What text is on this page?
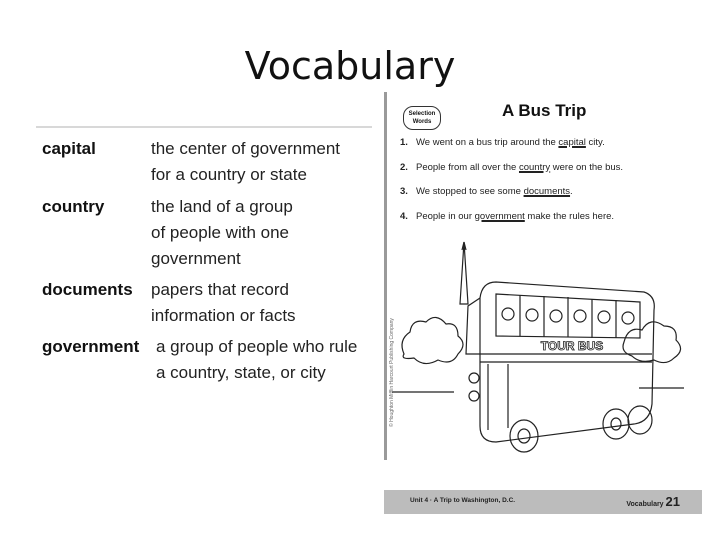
Vocabulary
capital	the center of government
for a country or state
country	the land of a group
of people with one
government
documents papers that record
information or facts
government a group of people who rule
a country, state, or city
Selection
Words
A Bus Trip
1. We went on a bus trip around the capital city.
2. People from all over the country were on the bus.
3. We stopped to see some documents.
4. People in our government make the rules here.
TOUR BUS
© Houghton Mifflin Harcourt Publishing Company
Unit 4 · A Trip to Washington, D.C.
Vocabulary 21
